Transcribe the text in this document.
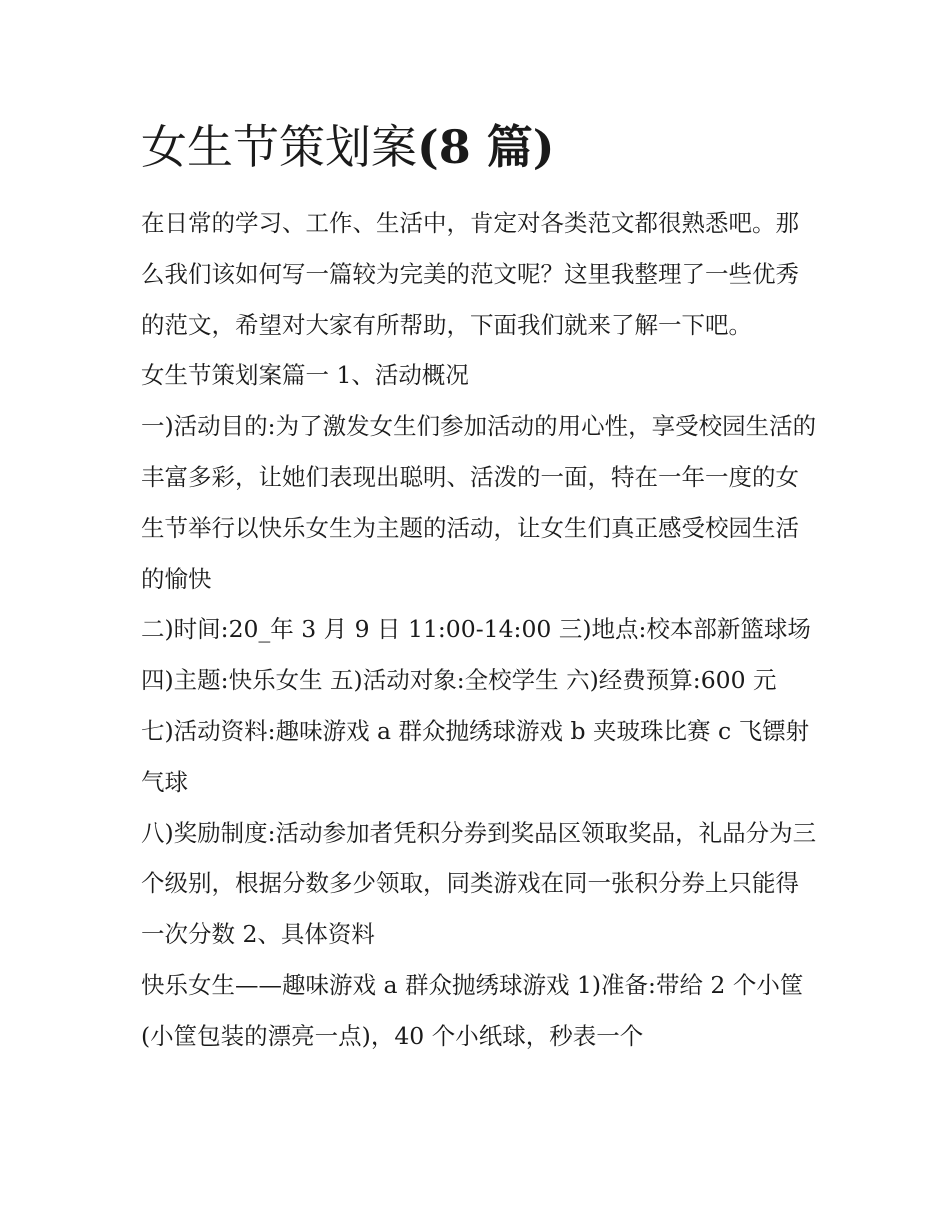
女生节策划案(8 篇)

在日常的学习、工作、生活中，肯定对各类范文都很熟悉吧。那么我们该如何写一篇较为完美的范文呢？这里我整理了一些优秀的范文，希望对大家有所帮助，下面我们就来了解一下吧。

女生节策划案篇一 1、活动概况

一)活动目的:为了激发女生们参加活动的用心性，享受校园生活的丰富多彩，让她们表现出聪明、活泼的一面，特在一年一度的女生节举行以快乐女生为主题的活动，让女生们真正感受校园生活的愉快

二)时间:20_年 3 月 9 日 11:00-14:00 三)地点:校本部新篮球场

四)主题:快乐女生 五)活动对象:全校学生 六)经费预算:600 元

七)活动资料:趣味游戏 a 群众抛绣球游戏 b 夹玻珠比赛 c 飞镖射气球

八)奖励制度:活动参加者凭积分券到奖品区领取奖品，礼品分为三个级别，根据分数多少领取，同类游戏在同一张积分券上只能得一次分数 2、具体资料

快乐女生——趣味游戏 a 群众抛绣球游戏 1)准备:带给 2 个小筐(小筐包装的漂亮一点)，40 个小纸球，秒表一个
